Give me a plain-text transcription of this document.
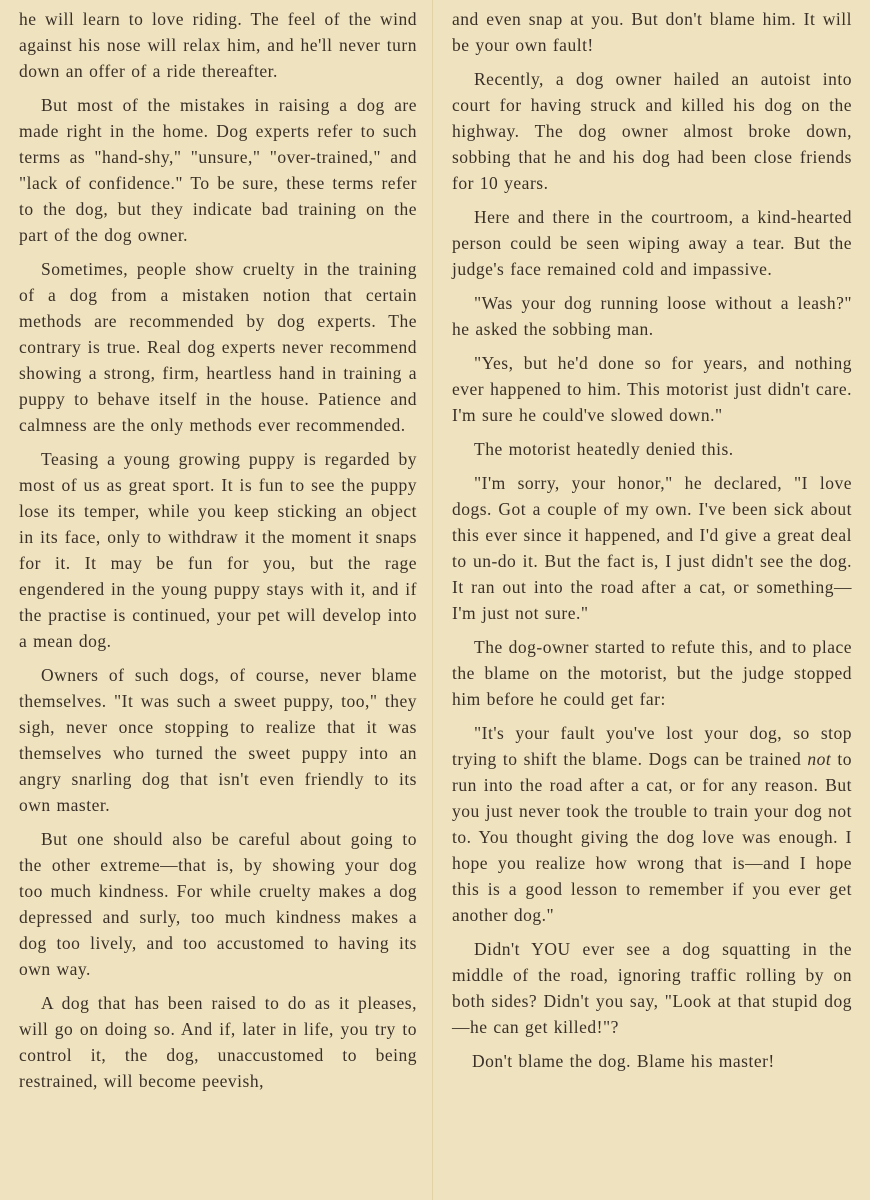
he will learn to love riding. The feel of the wind against his nose will relax him, and he'll never turn down an offer of a ride thereafter.

But most of the mistakes in raising a dog are made right in the home. Dog experts refer to such terms as "hand-shy," "unsure," "over-trained," and "lack of confidence." To be sure, these terms refer to the dog, but they indicate bad training on the part of the dog owner.

Sometimes, people show cruelty in the training of a dog from a mistaken notion that certain methods are recommended by dog experts. The contrary is true. Real dog experts never recommend showing a strong, firm, heartless hand in training a puppy to behave itself in the house. Patience and calmness are the only methods ever recommended.

Teasing a young growing puppy is regarded by most of us as great sport. It is fun to see the puppy lose its temper, while you keep sticking an object in its face, only to withdraw it the moment it snaps for it. It may be fun for you, but the rage engendered in the young puppy stays with it, and if the practise is continued, your pet will develop into a mean dog.

Owners of such dogs, of course, never blame themselves. "It was such a sweet puppy, too," they sigh, never once stopping to realize that it was themselves who turned the sweet puppy into an angry snarling dog that isn't even friendly to its own master.

But one should also be careful about going to the other extreme—that is, by showing your dog too much kindness. For while cruelty makes a dog depressed and surly, too much kindness makes a dog too lively, and too accustomed to having its own way.

A dog that has been raised to do as it pleases, will go on doing so. And if, later in life, you try to control it, the dog, unaccustomed to being restrained, will become peevish,

and even snap at you. But don't blame him. It will be your own fault!

Recently, a dog owner hailed an autoist into court for having struck and killed his dog on the highway. The dog owner almost broke down, sobbing that he and his dog had been close friends for 10 years.

Here and there in the courtroom, a kind-hearted person could be seen wiping away a tear. But the judge's face remained cold and impassive.

"Was your dog running loose without a leash?" he asked the sobbing man.

"Yes, but he'd done so for years, and nothing ever happened to him. This motorist just didn't care. I'm sure he could've slowed down."

The motorist heatedly denied this.

"I'm sorry, your honor," he declared, "I love dogs. Got a couple of my own. I've been sick about this ever since it happened, and I'd give a great deal to un-do it. But the fact is, I just didn't see the dog. It ran out into the road after a cat, or something—I'm just not sure."

The dog-owner started to refute this, and to place the blame on the motorist, but the judge stopped him before he could get far:

"It's your fault you've lost your dog, so stop trying to shift the blame. Dogs can be trained not to run into the road after a cat, or for any reason. But you just never took the trouble to train your dog not to. You thought giving the dog love was enough. I hope you realize how wrong that is—and I hope this is a good lesson to remember if you ever get another dog."

Didn't YOU ever see a dog squatting in the middle of the road, ignoring traffic rolling by on both sides? Didn't you say, "Look at that stupid dog—he can get killed!"?

Don't blame the dog. Blame his master!
